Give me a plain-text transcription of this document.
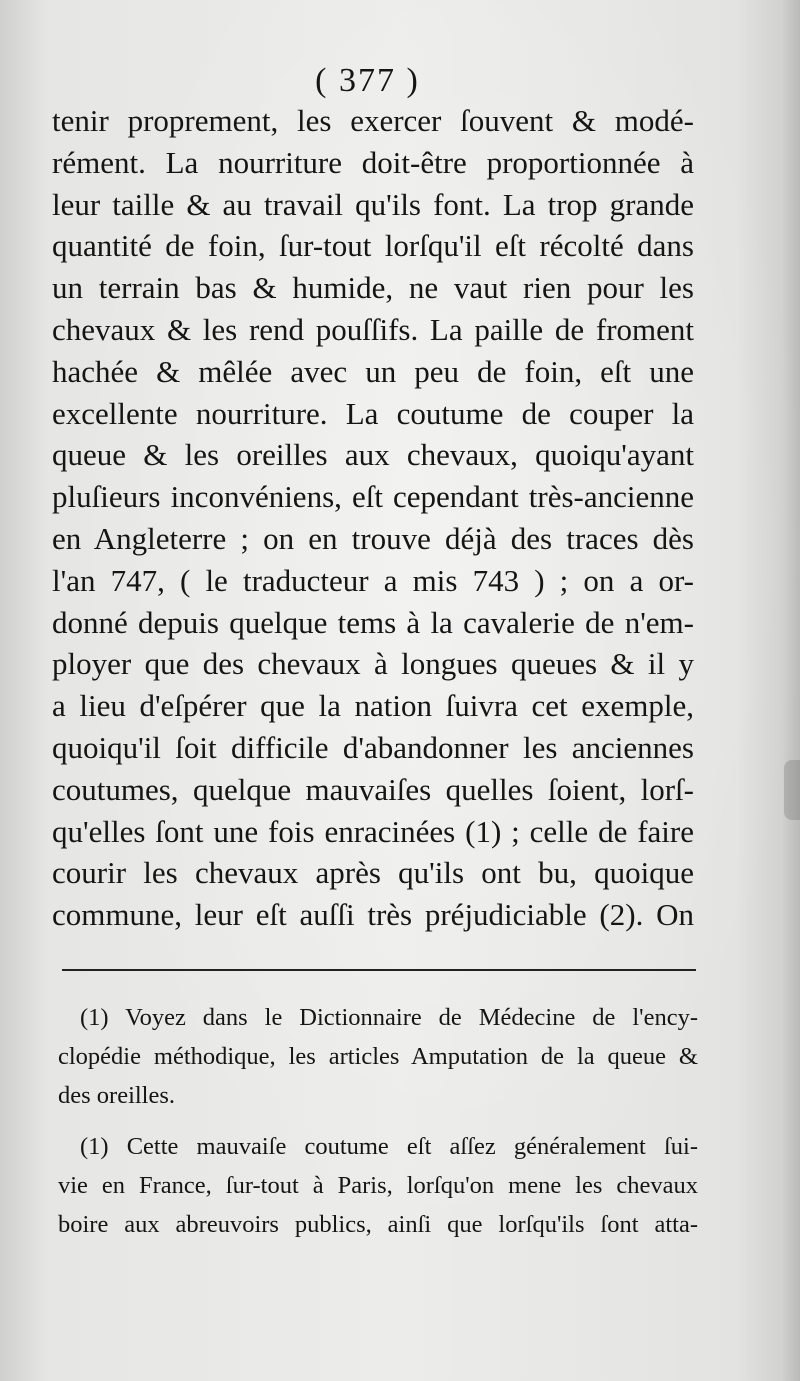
( 377 )
tenir proprement, les exercer ſouvent & modé-
rément. La nourriture doit-être proportionnée à
leur taille & au travail qu'ils font. La trop grande
quantité de foin, ſur-tout lorſqu'il eſt récolté dans
un terrain bas & humide, ne vaut rien pour les
chevaux & les rend pouſſifs. La paille de froment
hachée & mêlée avec un peu de foin, eſt une
excellente nourriture. La coutume de couper la
queue & les oreilles aux chevaux, quoiqu'ayant
pluſieurs inconvéniens, eſt cependant très-ancienne
en Angleterre ; on en trouve déjà des traces dès
l'an 747, ( le traducteur a mis 743 ) ; on a or-
donné depuis quelque tems à la cavalerie de n'em-
ployer que des chevaux à longues queues & il y
a lieu d'eſpérer que la nation ſuivra cet exemple,
quoiqu'il ſoit difficile d'abandonner les anciennes
coutumes, quelque mauvaiſes quelles ſoient, lorſ-
qu'elles ſont une fois enracinées (1) ; celle de faire
courir les chevaux après qu'ils ont bu, quoique
commune, leur eſt auſſi très préjudiciable (2). On
(1) Voyez dans le Dictionnaire de Médecine de l'ency-
clopédie méthodique, les articles Amputation de la queue &
des oreilles.
(1) Cette mauvaiſe coutume eſt aſſez généralement ſui-
vie en France, ſur-tout à Paris, lorſqu'on mene les chevaux
boire aux abreuvoirs publics, ainſi que lorſqu'ils ſont atta-
